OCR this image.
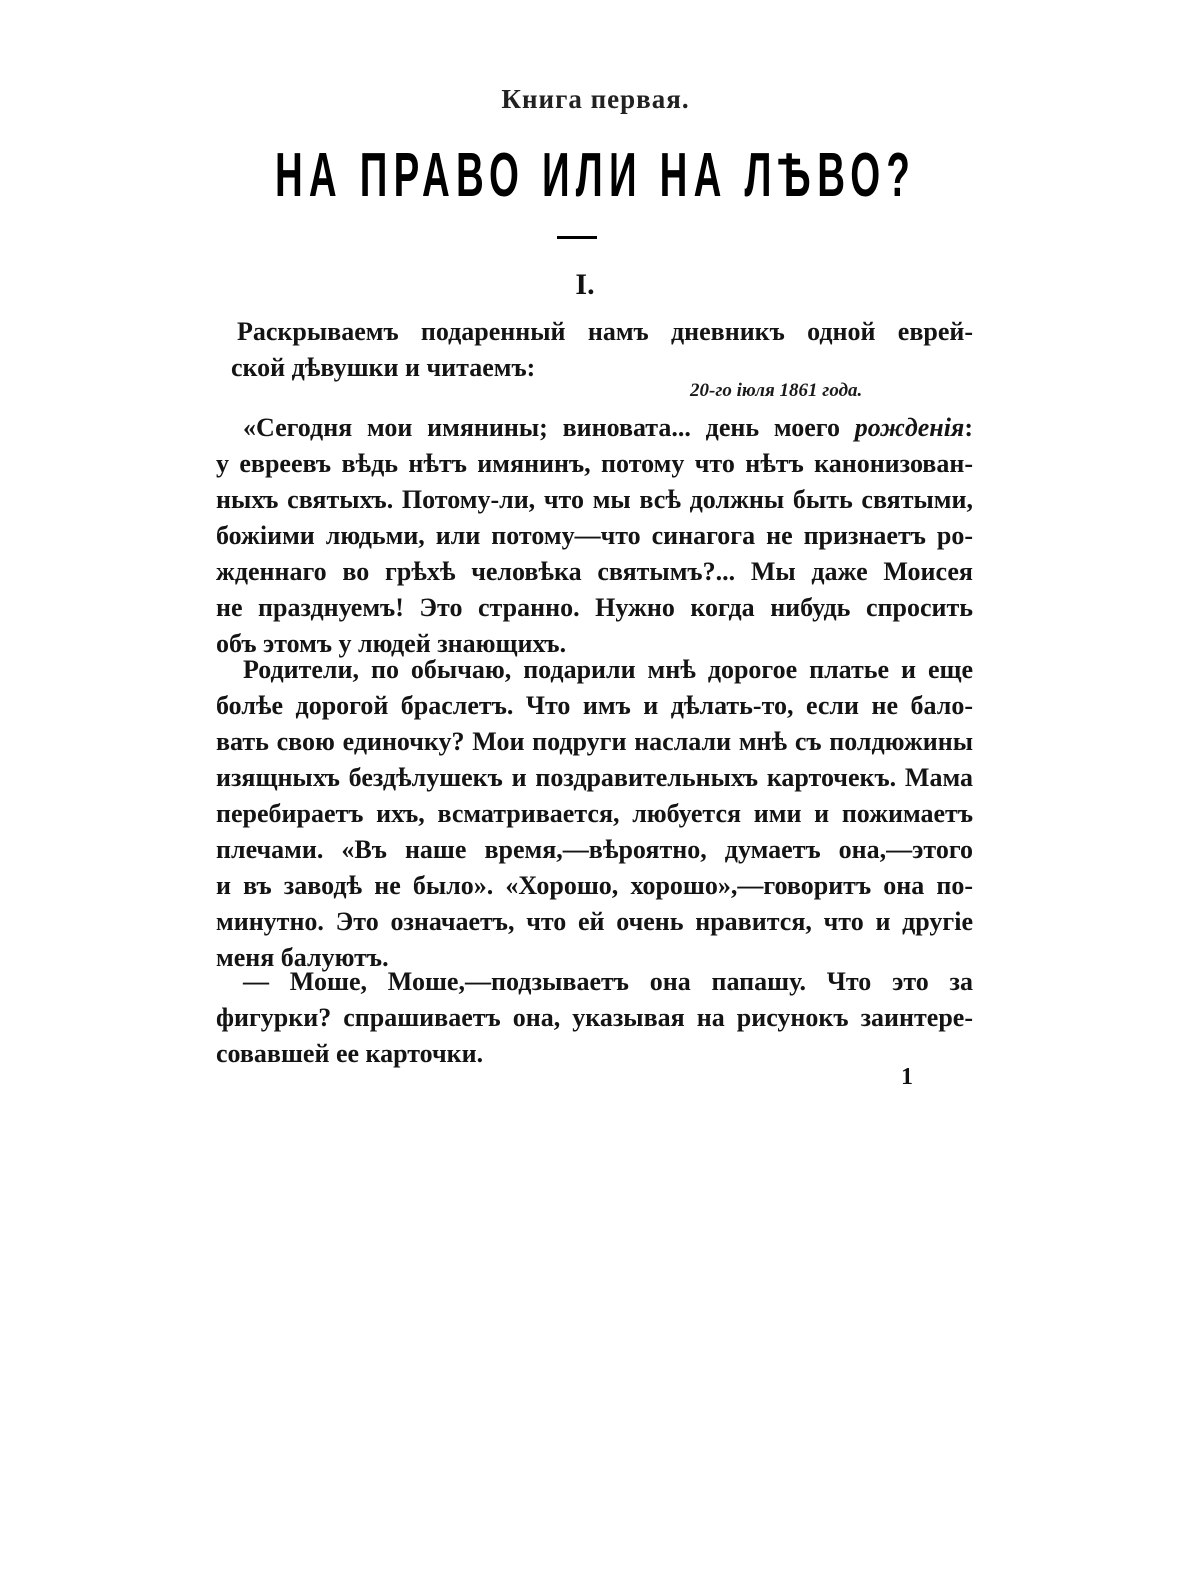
Книга первая.
НА ПРАВО ИЛИ НА ЛѢВО?
I.
Раскрываемъ подаренный намъ дневникъ одной еврей-
ской дѣвушки и читаемъ:
20-го іюля 1861 года.
«Сегодня мои имянины; виновата... день моего рожденія:
у евреевъ вѣдь нѣтъ имянинъ, потому что нѣтъ канонизован-
ныхъ святыхъ. Потому-ли, что мы всѣ должны быть святыми,
божіими людьми, или потому—что синагога не признаетъ ро-
жденнаго во грѣхѣ человѣка святымъ?... Мы даже Моисея
не празднуемъ! Это странно. Нужно когда нибудь спросить
объ этомъ у людей знающихъ.
Родители, по обычаю, подарили мнѣ дорогое платье и еще
болѣе дорогой браслетъ. Что имъ и дѣлать-то, если не бало-
вать свою единочку? Мои подруги наслали мнѣ съ полдюжины
изящныхъ бездѣлушекъ и поздравительныхъ карточекъ. Мама
перебираетъ ихъ, всматривается, любуется ими и пожимаетъ
плечами. «Въ наше время,—вѣроятно, думаетъ она,—этого
и въ заводѣ не было». «Хорошо, хорошо»,—говоритъ она по-
минутно. Это означаетъ, что ей очень нравится, что и другіе
меня балуютъ.
— Моше, Моше,—подзываетъ она папашу. Что это за
фигурки? спрашиваетъ она, указывая на рисунокъ заинтере-
совавшей ее карточки.
1
